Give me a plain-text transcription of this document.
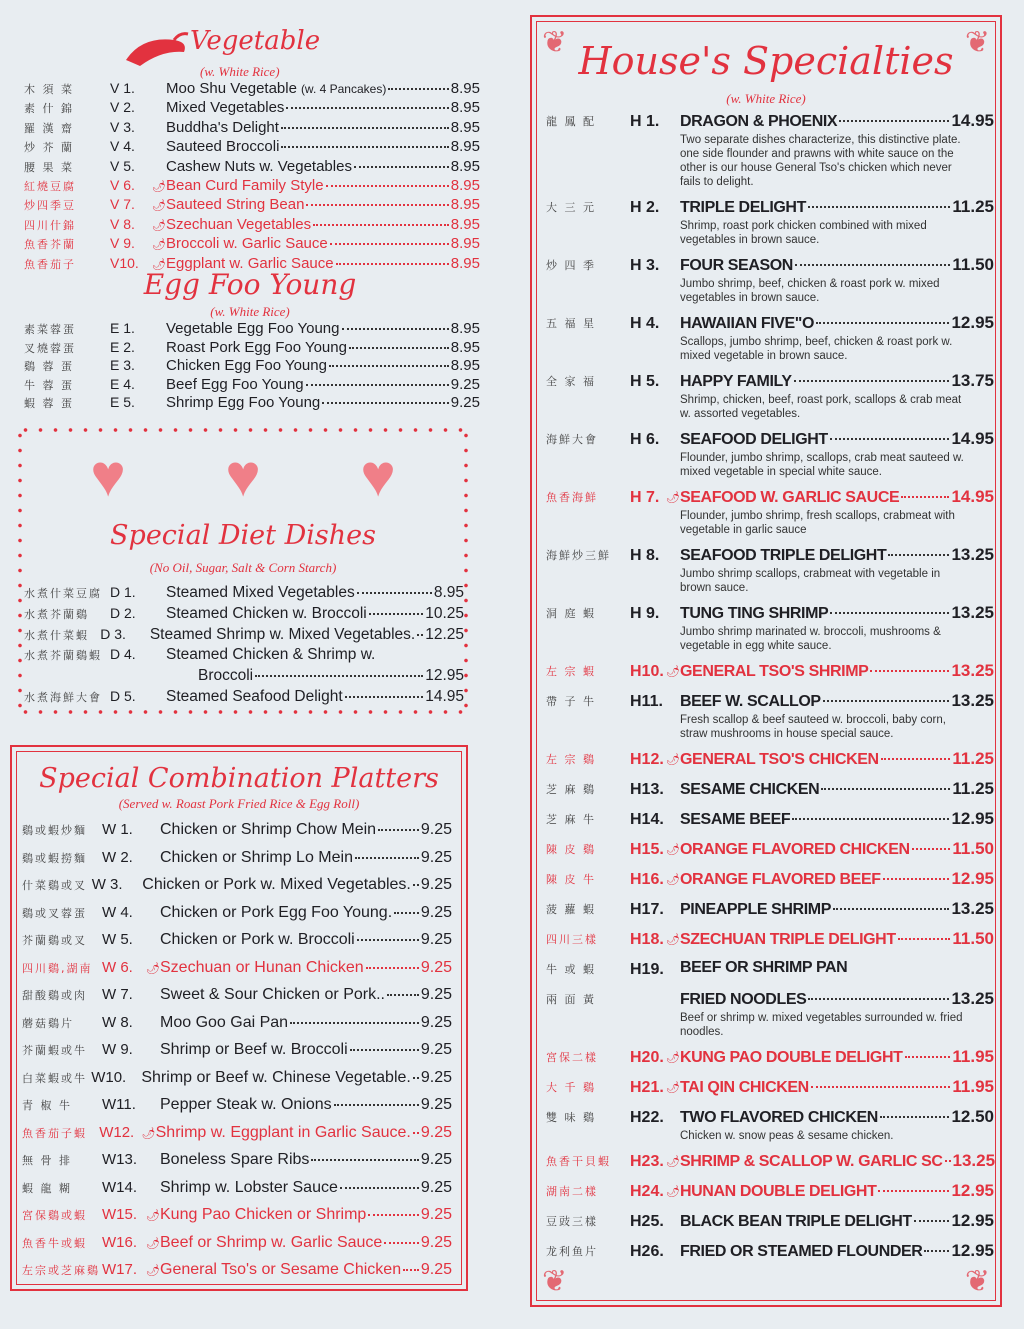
Vegetable
(w. White Rice)
木 須 菜	V 1.	Moo Shu Vegetable (w. 4 Pancakes)	8.95
素 什 錦	V 2.	Mixed Vegetables	8.95
羅 漢 齋	V 3.	Buddha's Delight	8.95
炒 芥 蘭	V 4.	Sauteed Broccoli	8.95
腰 果 菜	V 5.	Cashew Nuts w. Vegetables	8.95
紅燒豆腐	V 6.	🌶 Bean Curd Family Style	8.95
炒四季豆	V 7.	🌶 Sauteed String Bean	8.95
四川什錦	V 8.	🌶 Szechuan Vegetables	8.95
魚香芥蘭	V 9.	🌶 Broccoli w. Garlic Sauce	8.95
魚香茄子	V10.	🌶 Eggplant w. Garlic Sauce	8.95
Egg Foo Young
(w. White Rice)
素菜蓉蛋	E 1.	Vegetable Egg Foo Young	8.95
叉燒蓉蛋	E 2.	Roast Pork Egg Foo Young	8.95
鷄 蓉 蛋	E 3.	Chicken Egg Foo Young	8.95
牛 蓉 蛋	E 4.	Beef Egg Foo Young	9.25
蝦 蓉 蛋	E 5.	Shrimp Egg Foo Young	9.25
♥ ♥ ♥
Special Diet Dishes
(No Oil, Sugar, Salt & Corn Starch)
水煮什菜豆腐 D 1.	Steamed Mixed Vegetables	8.95
水煮芥蘭鷄	D 2.	Steamed Chicken w. Broccoli	10.25
水煮什菜蝦 D 3.	Steamed Shrimp w. Mixed Vegetables. 12.25
水煮芥蘭鷄蝦 D 4.	Steamed Chicken & Shrimp w.
Broccoli	12.95
水煮海鮮大會 D 5.	Steamed Seafood Delight	14.95
Special Combination Platters
(Served w. Roast Pork Fried Rice & Egg Roll)
鷄或蝦炒麵	W 1.	Chicken or Shrimp Chow Mein	9.25
鷄或蝦撈麵	W 2.	Chicken or Shrimp Lo Mein	9.25
什菜鷄或叉 W 3.	Chicken or Pork w. Mixed Vegetables. 9.25
鷄或叉蓉蛋	W 4.	Chicken or Pork Egg Foo Young. 9.25
芥蘭鷄或叉	W 5.	Chicken or Pork w. Broccoli	9.25
四川鷄,湖南 W 6.	🌶 Szechuan or Hunan Chicken	9.25
甜酸鷄或肉	W 7.	Sweet & Sour Chicken or Pork.. 9.25
蘑菇鷄片	W 8.	Moo Goo Gai Pan	9.25
芥蘭蝦或牛	W 9.	Shrimp or Beef w. Broccoli	9.25
白菜蝦或牛 W10. Shrimp or Beef w. Chinese Vegetable. 9.25
青 椒 牛	W11.	Pepper Steak w. Onions	9.25
魚香茄子蝦 W12. 🌶 Shrimp w. Eggplant in Garlic Sauce. 9.25
無 骨 排	W13.	Boneless Spare Ribs	9.25
蝦 龍 糊	W14.	Shrimp w. Lobster Sauce	9.25
宮保鷄或蝦	W15. 🌶 Kung Pao Chicken or Shrimp	9.25
魚香牛或蝦	W16. 🌶 Beef or Shrimp w. Garlic Sauce 9.25
左宗或芝麻鷄 W17. 🌶 General Tso's or Sesame Chicken 9.25
❦	❦
❦	❦
House's Specialties
(w. White Rice)
龍 鳳 配	H 1.	DRAGON & PHOENIX	14.95
Two separate dishes characterize, this distinctive plate. one side flounder and prawns with white sauce on the other is our house General Tso's chicken which never fails to delight.
大 三 元	H 2.	TRIPLE DELIGHT	11.25
Shrimp, roast pork chicken combined with mixed vegetables in brown sauce.
炒 四 季	H 3.	FOUR SEASON	11.50
Jumbo shrimp, beef, chicken & roast pork w. mixed vegetables in brown sauce.
五 福 星	H 4.	HAWAIIAN FIVE"O	12.95
Scallops, jumbo shrimp, beef, chicken & roast pork w. mixed vegetable in brown sauce.
全 家 福	H 5.	HAPPY FAMILY	13.75
Shrimp, chicken, beef, roast pork, scallops & crab meat w. assorted vegetables.
海鮮大會	H 6.	SEAFOOD DELIGHT	14.95
Flounder, jumbo shrimp, scallops, crab meat sauteed w. mixed vegetable in special white sauce.
魚香海鮮	H 7. 🌶 SEAFOOD W. GARLIC SAUCE	14.95
Flounder, jumbo shrimp, fresh scallops, crabmeat with vegetable in garlic sauce
海鮮炒三鮮	H 8.	SEAFOOD TRIPLE DELIGHT	13.25
Jumbo shrimp scallops, crabmeat with vegetable in brown sauce.
洞 庭 蝦	H 9.	TUNG TING SHRIMP	13.25
Jumbo shrimp marinated w. broccoli, mushrooms & vegetable in egg white sauce.
左 宗 蝦	H10. 🌶 GENERAL TSO'S SHRIMP	13.25
帶 子 牛	H11. BEEF W. SCALLOP	13.25
Fresh scallop & beef sauteed w. broccoli, baby corn, straw mushrooms in house special sauce.
左 宗 鷄	H12. 🌶 GENERAL TSO'S CHICKEN	11.25
芝 麻 鷄	H13. SESAME CHICKEN	11.25
芝 麻 牛	H14. SESAME BEEF	12.95
陳 皮 鷄	H15. 🌶 ORANGE FLAVORED CHICKEN	11.50
陳 皮 牛	H16. 🌶 ORANGE FLAVORED BEEF	12.95
菠 蘿 蝦	H17. PINEAPPLE SHRIMP	13.25
四川三樣	H18. 🌶 SZECHUAN TRIPLE DELIGHT	11.50
牛 或 蝦	H19. BEEF OR SHRIMP PAN
兩 面 黃	FRIED NOODLES	13.25
Beef or shrimp w. mixed vegetables surrounded w. fried noodles.
宮保二樣	H20. 🌶 KUNG PAO DOUBLE DELIGHT	11.95
大 千 鷄	H21. 🌶 TAI QIN CHICKEN	11.95
雙 味 鷄	H22. TWO FLAVORED CHICKEN	12.50
Chicken w. snow peas & sesame chicken.
魚香干貝蝦	H23. 🌶 SHRIMP & SCALLOP W. GARLIC SC 13.25
湖南二樣	H24. 🌶 HUNAN DOUBLE DELIGHT	12.95
豆豉三樣	H25. BLACK BEAN TRIPLE DELIGHT 12.95
龙利鱼片	H26. FRIED OR STEAMED FLOUNDER 12.95
